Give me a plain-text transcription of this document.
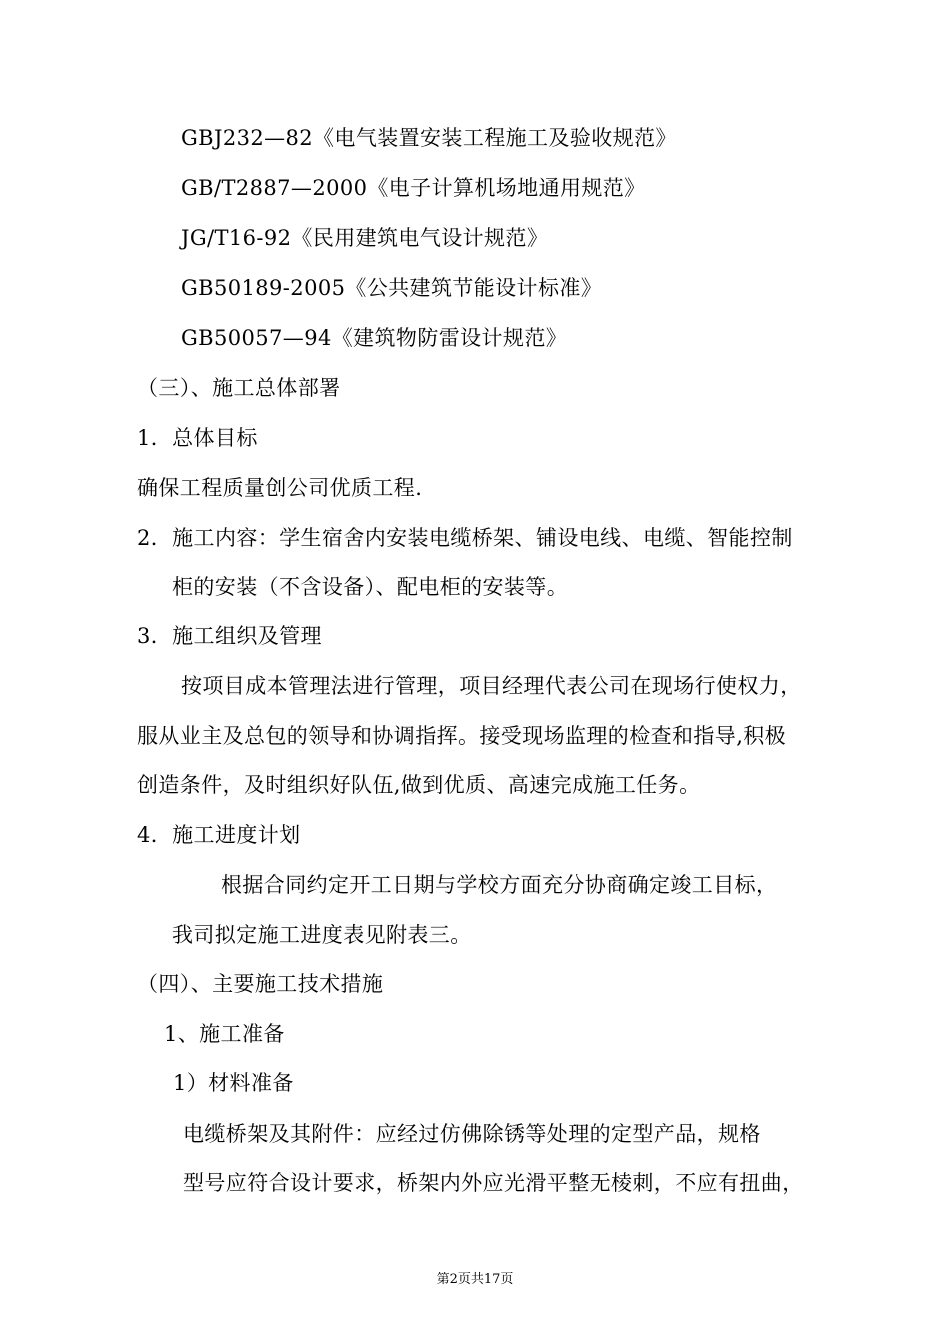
GBJ232—82《电气装置安装工程施工及验收规范》
GB/T2887—2000《电子计算机场地通用规范》
JG/T16-92《民用建筑电气设计规范》
GB50189-2005《公共建筑节能设计标准》
GB50057—94《建筑物防雷设计规范》
（三）、施工总体部署
1．总体目标
确保工程质量创公司优质工程.
2．施工内容：学生宿舍内安装电缆桥架、铺设电线、电缆、智能控制
柜的安装（不含设备）、配电柜的安装等。
3．施工组织及管理
按项目成本管理法进行管理，项目经理代表公司在现场行使权力，
服从业主及总包的领导和协调指挥。接受现场监理的检查和指导,积极
创造条件，及时组织好队伍,做到优质、高速完成施工任务。
4．施工进度计划
根据合同约定开工日期与学校方面充分协商确定竣工目标，
我司拟定施工进度表见附表三。
（四）、主要施工技术措施
1、施工准备
1）材料准备
电缆桥架及其附件：应经过仿佛除锈等处理的定型产品，规格
型号应符合设计要求，桥架内外应光滑平整无棱刺，不应有扭曲，
第2页共17页
